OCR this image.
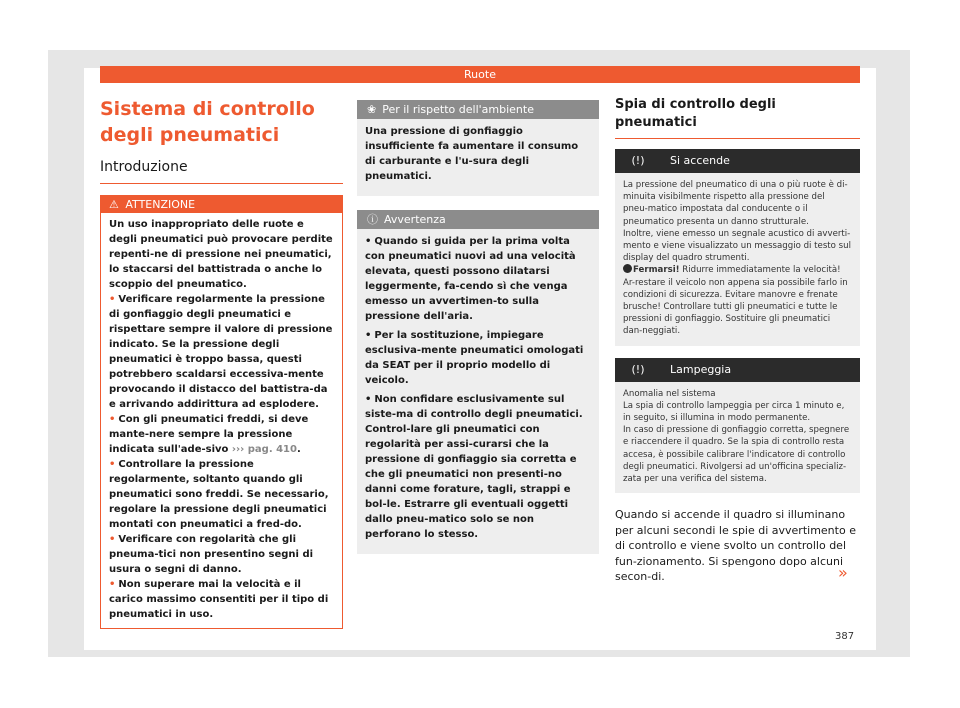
Ruote
Sistema di controllo degli pneumatici
Introduzione
⚠ ATTENZIONE

Un uso inappropriato delle ruote e degli pneumatici può provocare perdite repenti-ne di pressione nei pneumatici, lo staccarsi del battistrada o anche lo scoppio del pneumatico.

• Verificare regolarmente la pressione di gonfiaggio degli pneumatici e rispettare sempre il valore di pressione indicato. Se la pressione degli pneumatici è troppo bassa, questi potrebbero scaldarsi eccessiva-mente provocando il distacco del battistra-da e arrivando addirittura ad esplodere.

• Con gli pneumatici freddi, si deve mante-nere sempre la pressione indicata sull'ade-sivo ››› pag. 410.

• Controllare la pressione regolarmente, soltanto quando gli pneumatici sono freddi. Se necessario, regolare la pressione degli pneumatici montati con pneumatici a fred-do.

• Verificare con regolarità che gli pneuma-tici non presentino segni di usura o segni di danno.

• Non superare mai la velocità e il carico massimo consentiti per il tipo di pneumatici in uso.

❀ Per il rispetto dell'ambiente

Una pressione di gonfiaggio insufficiente fa aumentare il consumo di carburante e l'u-sura degli pneumatici.

ⓘ Avvertenza

• Quando si guida per la prima volta con pneumatici nuovi ad una velocità elevata, questi possono dilatarsi leggermente, fa-cendo sì che venga emesso un avvertimen-to sulla pressione dell'aria.

• Per la sostituzione, impiegare esclusiva-mente pneumatici omologati da SEAT per il proprio modello di veicolo.

• Non confidare esclusivamente sul siste-ma di controllo degli pneumatici. Control-lare gli pneumatici con regolarità per assi-curarsi che la pressione di gonfiaggio sia corretta e che gli pneumatici non presenti-no danni come forature, tagli, strappi e bol-le. Estrarre gli eventuali oggetti dallo pneu-matico solo se non perforano lo stesso.

Spia di controllo degli pneumatici
(!)	Si accende

La pressione del pneumatico di una o più ruote è di-minuita visibilmente rispetto alla pressione del pneu-matico impostata dal conducente o il pneumatico presenta un danno strutturale.

Inoltre, viene emesso un segnale acustico di avverti-mento e viene visualizzato un messaggio di testo sul display del quadro strumenti.

Fermarsi! Ridurre immediatamente la velocità! Ar-restare il veicolo non appena sia possibile farlo in condizioni di sicurezza. Evitare manovre e frenate brusche! Controllare tutti gli pneumatici e tutte le pressioni di gonfiaggio. Sostituire gli pneumatici dan-neggiati.

(!)	Lampeggia

Anomalia nel sistema

La spia di controllo lampeggia per circa 1 minuto e, in seguito, si illumina in modo permanente.

In caso di pressione di gonfiaggio corretta, spegnere e riaccendere il quadro. Se la spia di controllo resta accesa, è possibile calibrare l'indicatore di controllo degli pneumatici. Rivolgersi ad un'officina specializ-zata per una verifica del sistema.

Quando si accende il quadro si illuminano per alcuni secondi le spie di avvertimento e di controllo e viene svolto un controllo del fun-zionamento. Si spengono dopo alcuni secon-di.	»
387
